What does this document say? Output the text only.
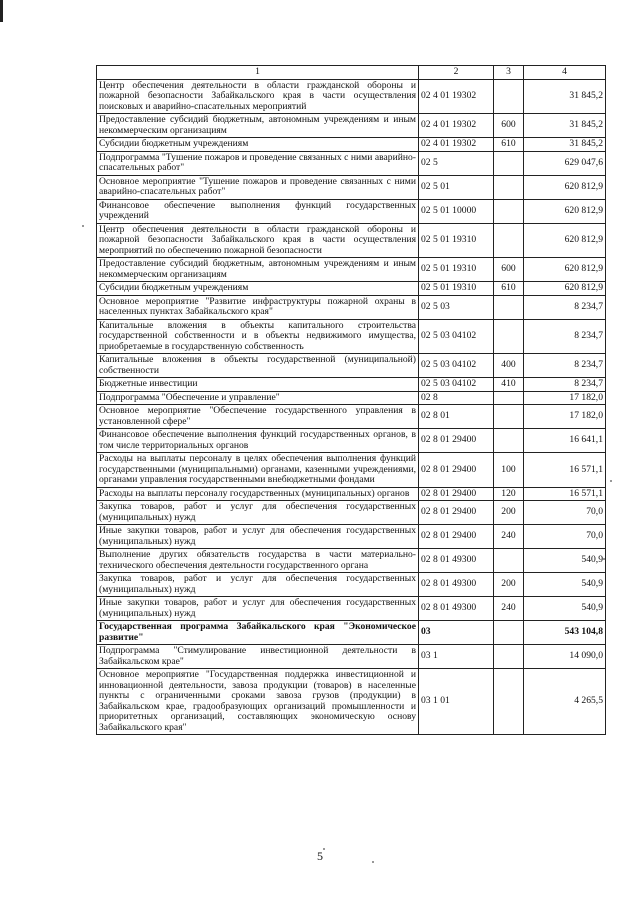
1	2	3	4
Центр обеспечения деятельности в области гражданской обороны и пожарной безопасности Забайкальского края в части осуществления поисковых и аварийно-спасательных мероприятий	02 4 01 19302		31 845,2
Предоставление субсидий бюджетным, автономным учреждениям и иным некоммерческим организациям	02 4 01 19302	600	31 845,2
Субсидии бюджетным учреждениям	02 4 01 19302	610	31 845,2
Подпрограмма "Тушение пожаров и проведение связанных с ними аварийно-спасательных работ"	02 5		629 047,6
Основное мероприятие "Тушение пожаров и проведение связанных с ними аварийно-спасательных работ"	02 5 01		620 812,9
Финансовое обеспечение выполнения функций государственных учреждений	02 5 01 10000		620 812,9
Центр обеспечения деятельности в области гражданской обороны и пожарной безопасности Забайкальского края в части осуществления мероприятий по обеспечению пожарной безопасности	02 5 01 19310		620 812,9
Предоставление субсидий бюджетным, автономным учреждениям и иным некоммерческим организациям	02 5 01 19310	600	620 812,9
Субсидии бюджетным учреждениям	02 5 01 19310	610	620 812,9
Основное мероприятие "Развитие инфраструктуры пожарной охраны в населенных пунктах Забайкальского края"	02 5 03		8 234,7
Капитальные вложения в объекты капитального строительства государственной собственности и в объекты недвижимого имущества, приобретаемые в государственную собственность	02 5 03 04102		8 234,7
Капитальные вложения в объекты государственной (муниципальной) собственности	02 5 03 04102	400	8 234,7
Бюджетные инвестиции	02 5 03 04102	410	8 234,7
Подпрограмма "Обеспечение и управление"	02 8		17 182,0
Основное мероприятие "Обеспечение государственного управления в установленной сфере"	02 8 01		17 182,0
Финансовое обеспечение выполнения функций государственных органов, в том числе территориальных органов	02 8 01 29400		16 641,1
Расходы на выплаты персоналу в целях обеспечения выполнения функций государственными (муниципальными) органами, казенными учреждениями, органами управления государственными внебюджетными фондами	02 8 01 29400	100	16 571,1
Расходы на выплаты персоналу государственных (муниципальных) органов	02 8 01 29400	120	16 571,1
Закупка товаров, работ и услуг для обеспечения государственных (муниципальных) нужд	02 8 01 29400	200	70,0
Иные закупки товаров, работ и услуг для обеспечения государственных (муниципальных) нужд	02 8 01 29400	240	70,0
Выполнение других обязательств государства в части материально-технического обеспечения деятельности государственного органа	02 8 01 49300		540,9
Закупка товаров, работ и услуг для обеспечения государственных (муниципальных) нужд	02 8 01 49300	200	540,9
Иные закупки товаров, работ и услуг для обеспечения государственных (муниципальных) нужд	02 8 01 49300	240	540,9
Государственная программа Забайкальского края "Экономическое развитие"	03		543 104,8
Подпрограмма "Стимулирование инвестиционной деятельности в Забайкальском крае"	03 1		14 090,0
Основное мероприятие "Государственная поддержка инвестиционной и инновационной деятельности, завоза продукции (товаров) в населенные пункты с ограниченными сроками завоза грузов (продукции) в Забайкальском крае, градообразующих организаций промышленности и приоритетных организаций, составляющих экономическую основу Забайкальского края"	03 1 01		4 265,5
5
